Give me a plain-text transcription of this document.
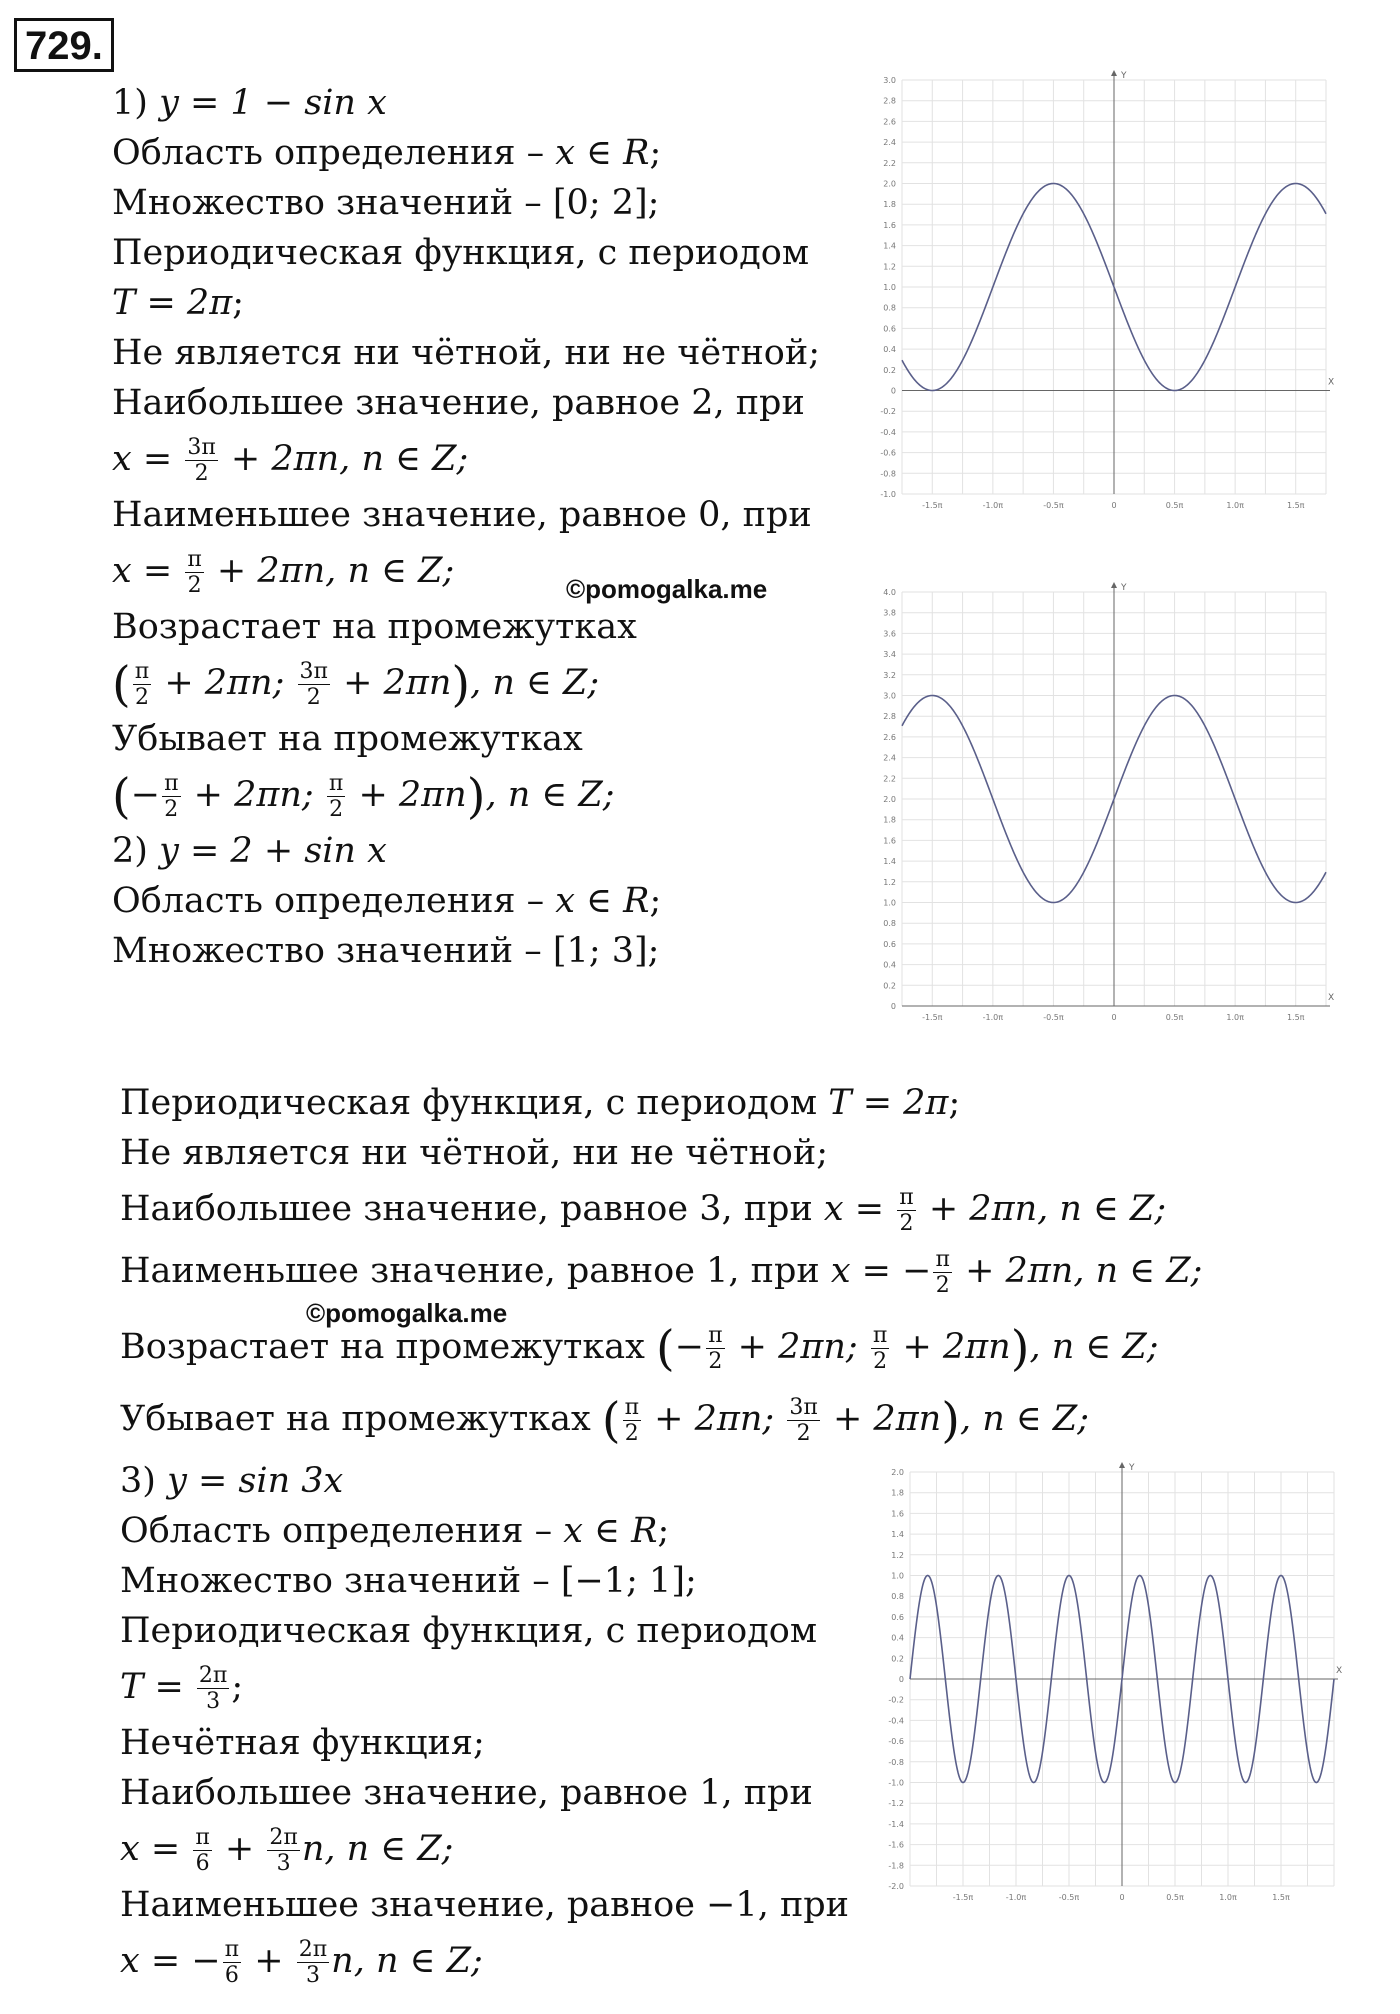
729.
1) y = 1 − sin x
Область определения – x ∈ R;
Множество значений – [0; 2];
Периодическая функция, с периодом
T = 2π;
Не является ни чётной, ни не чётной;
Наибольшее значение, равное 2, при
$x = \frac{3\pi}{2} + 2\pi n$, n ∈ Z;
Наименьшее значение, равное 0, при
$x = \frac{\pi}{2} + 2\pi n$, n ∈ Z;
Возрастает на промежутках
( $\frac{\pi}{2} + 2\pi n$; $\frac{3\pi}{2} + 2\pi n$), n ∈ Z;
Убывает на промежутках
(− $\frac{\pi}{2} + 2\pi n$; $\frac{\pi}{2} + 2\pi n$), n ∈ Z;
2) y = 2 + sin x
Область определения – x ∈ R;
Множество значений – [1; 3];
©pomogalka.me
Периодическая функция, с периодом T = 2π;
Не является ни чётной, ни не чётной;
Наибольшее значение, равное 3, при $x = \frac{\pi}{2} + 2\pi n$, n ∈ Z;
Наименьшее значение, равное 1, при x = − $\frac{\pi}{2} + 2\pi n$, n ∈ Z;
Возрастает на промежутках (− $\frac{\pi}{2} + 2\pi n$; $\frac{\pi}{2} + 2\pi n$), n ∈ Z;
Убывает на промежутках ( $\frac{\pi}{2} + 2\pi n$; $\frac{3\pi}{2} + 2\pi n$), n ∈ Z;
©pomogalka.me
3) y = sin 3x
Область определения – x ∈ R;
Множество значений – [−1; 1];
Периодическая функция, с периодом
$T = \frac{2\pi}{3}$ ;
Нечётная функция;
Наибольшее значение, равное 1, при
$x = \frac{\pi}{6} + \frac{2\pi}{3} n$, n ∈ Z;
Наименьшее значение, равное −1, при
x = − $\frac{\pi}{6} + \frac{2\pi}{3} n$, n ∈ Z;
-1.0
-0.8
-0.6
-0.4
-0.2
0
0.2
0.4
0.6
0.8
1.0
1.2
1.4
1.6
1.8
2.0
2.2
2.4
2.6
2.8
3.0
X
Y
-1.5π	-1.0π	-0.5π	0	0.5π	1.0π	1.5π
0
0.2
0.4
0.6
0.8
1.0
1.2
1.4
1.6
1.8
2.0
2.2
2.4
2.6
2.8
3.0
3.2
3.4
3.6
3.8
4.0
X
Y
-1.5π	-1.0π	-0.5π	0	0.5π	1.0π	1.5π
-2.0
-1.8
-1.6
-1.4
-1.2
-1.0
-0.8
-0.6
-0.4
-0.2
0
0.2
0.4
0.6
0.8
1.0
1.2
1.4
1.6
1.8
2.0
X
Y
-1.5π	-1.0π	-0.5π	0	0.5π	1.0π	1.5π
